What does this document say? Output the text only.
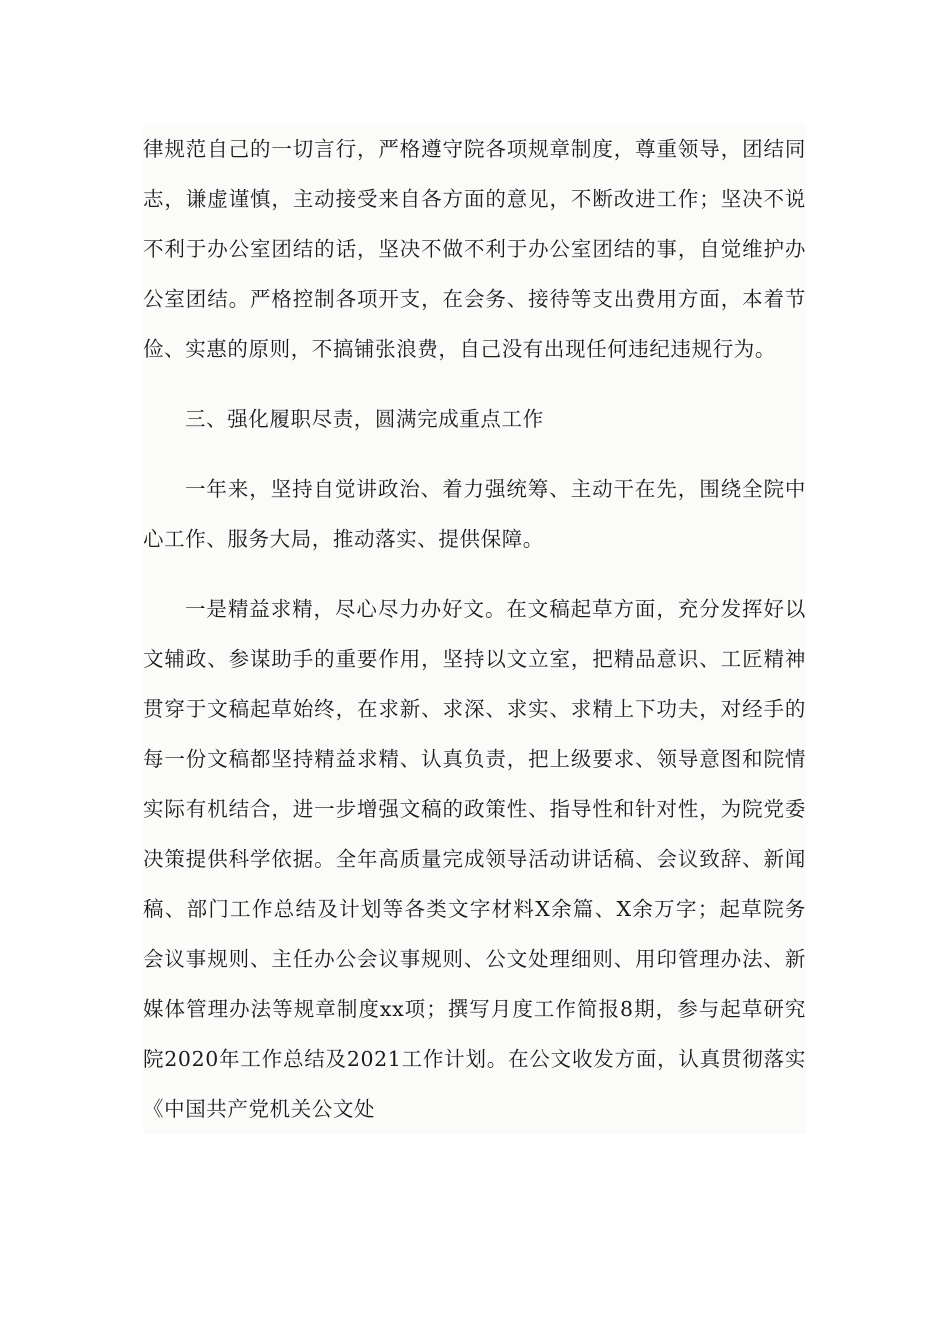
律规范自己的一切言行，严格遵守院各项规章制度，尊重领导，团结同志，谦虚谨慎，主动接受来自各方面的意见，不断改进工作；坚决不说不利于办公室团结的话，坚决不做不利于办公室团结的事，自觉维护办公室团结。严格控制各项开支，在会务、接待等支出费用方面，本着节俭、实惠的原则，不搞铺张浪费，自己没有出现任何违纪违规行为。

三、强化履职尽责，圆满完成重点工作

一年来，坚持自觉讲政治、着力强统筹、主动干在先，围绕全院中心工作、服务大局，推动落实、提供保障。

一是精益求精，尽心尽力办好文。在文稿起草方面，充分发挥好以文辅政、参谋助手的重要作用，坚持以文立室，把精品意识、工匠精神贯穿于文稿起草始终，在求新、求深、求实、求精上下功夫，对经手的每一份文稿都坚持精益求精、认真负责，把上级要求、领导意图和院情实际有机结合，进一步增强文稿的政策性、指导性和针对性，为院党委决策提供科学依据。全年高质量完成领导活动讲话稿、会议致辞、新闻稿、部门工作总结及计划等各类文字材料X余篇、X余万字；起草院务会议事规则、主任办公会议事规则、公文处理细则、用印管理办法、新媒体管理办法等规章制度xx项；撰写月度工作简报8期，参与起草研究院2020年工作总结及2021工作计划。在公文收发方面，认真贯彻落实《中国共产党机关公文处
